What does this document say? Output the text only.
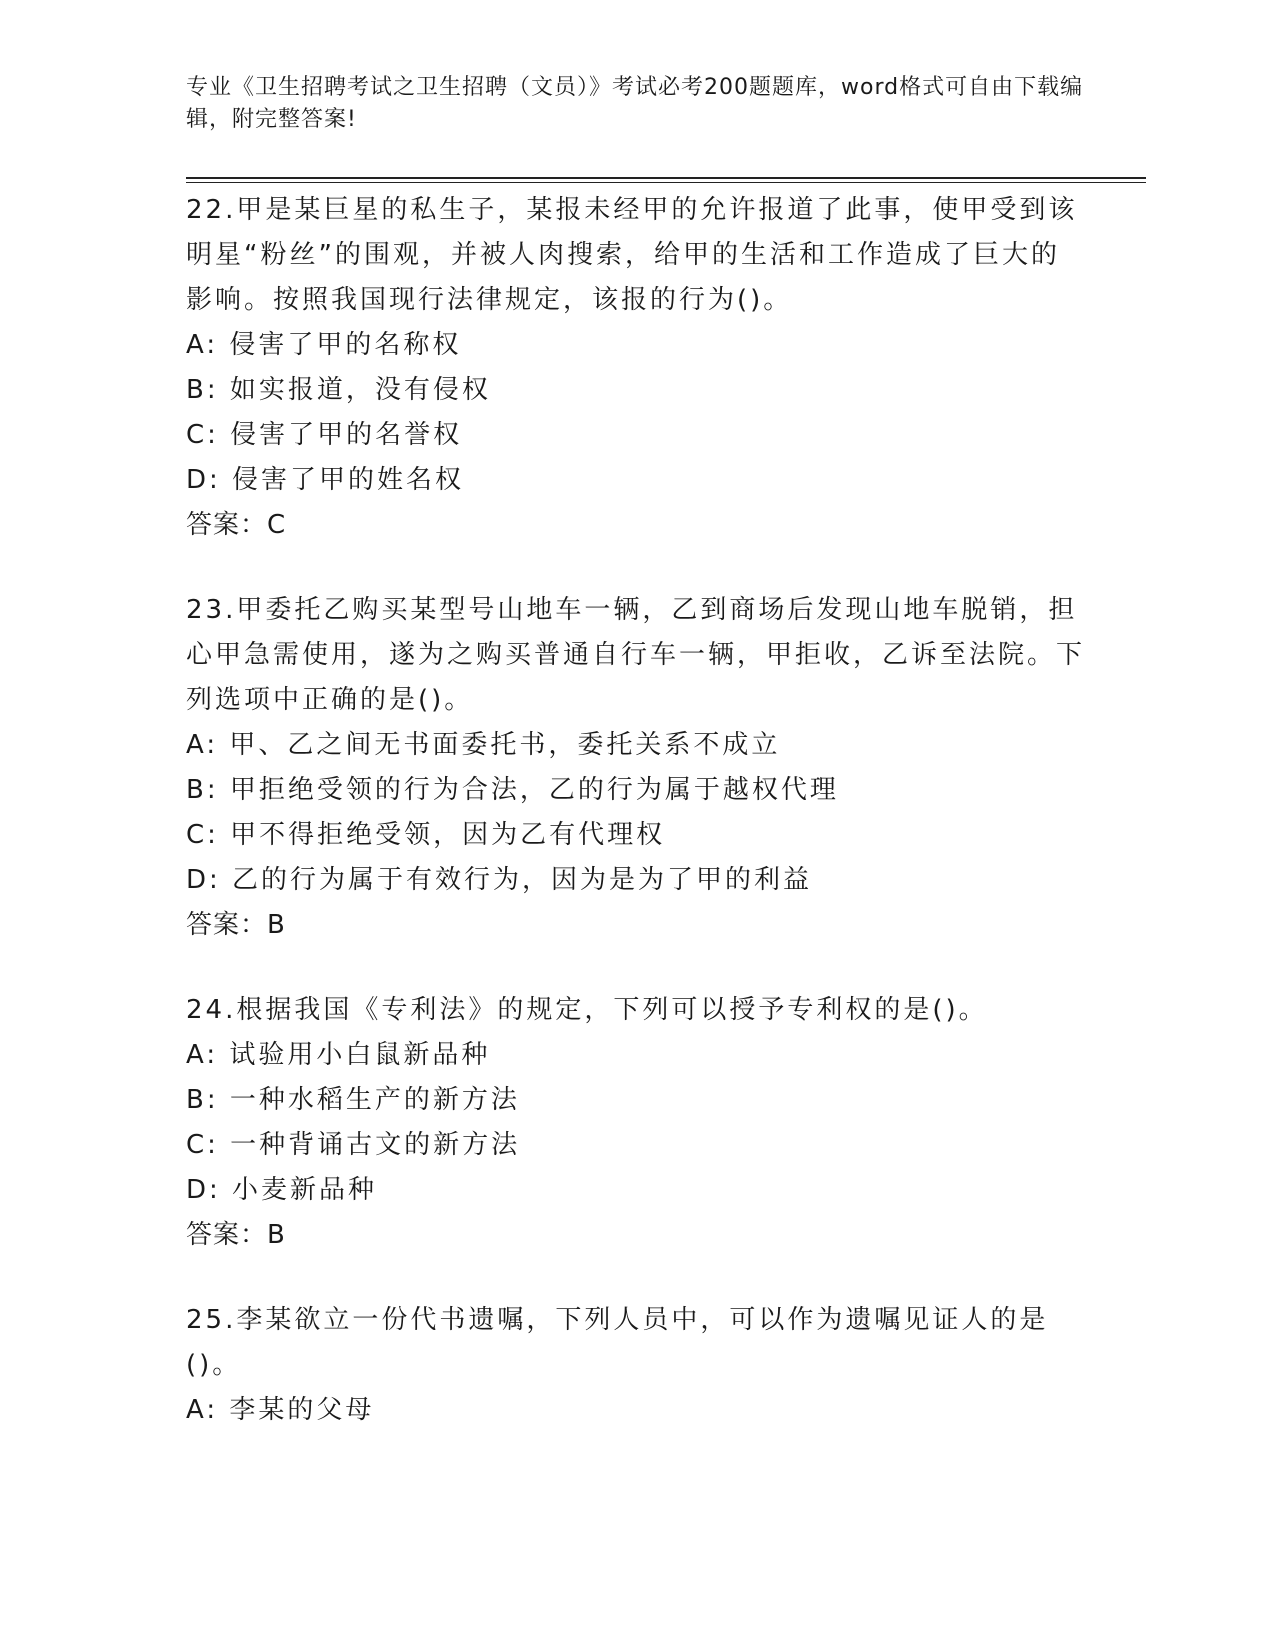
专业《卫生招聘考试之卫生招聘（文员）》考试必考200题题库，word格式可自由下载编辑，附完整答案!
22.甲是某巨星的私生子，某报未经甲的允许报道了此事，使甲受到该明星“粉丝”的围观，并被人肉搜索，给甲的生活和工作造成了巨大的影响。按照我国现行法律规定，该报的行为()。
A: 侵害了甲的名称权
B: 如实报道，没有侵权
C: 侵害了甲的名誉权
D: 侵害了甲的姓名权
答案：C
23.甲委托乙购买某型号山地车一辆，乙到商场后发现山地车脱销，担心甲急需使用，遂为之购买普通自行车一辆，甲拒收，乙诉至法院。下列选项中正确的是()。
A: 甲、乙之间无书面委托书，委托关系不成立
B: 甲拒绝受领的行为合法，乙的行为属于越权代理
C: 甲不得拒绝受领，因为乙有代理权
D: 乙的行为属于有效行为，因为是为了甲的利益
答案：B
24.根据我国《专利法》的规定，下列可以授予专利权的是()。
A: 试验用小白鼠新品种
B: 一种水稻生产的新方法
C: 一种背诵古文的新方法
D: 小麦新品种
答案：B
25.李某欲立一份代书遗嘱，下列人员中，可以作为遗嘱见证人的是()。
A: 李某的父母
